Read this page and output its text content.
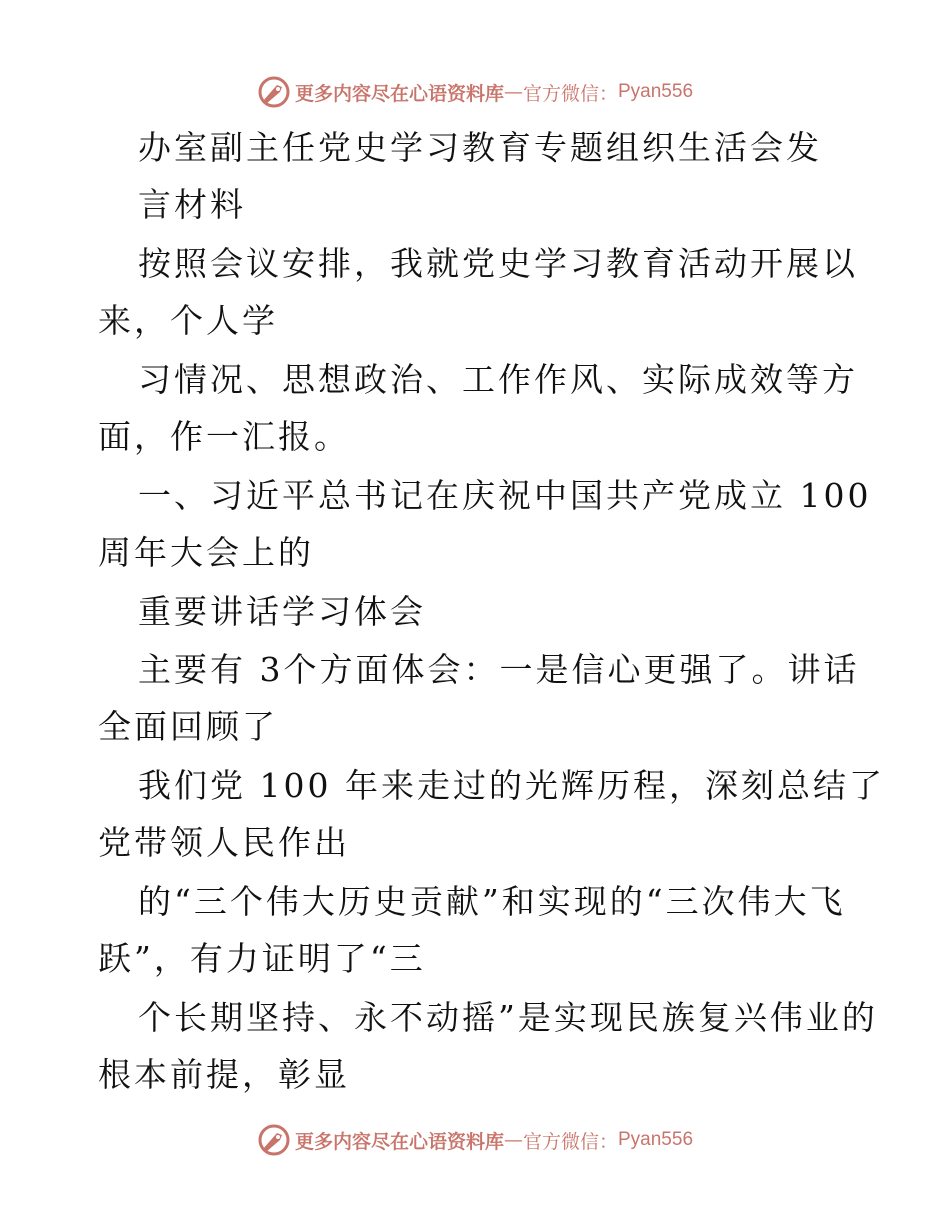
更多内容尽在心语资料库 — 官方微信： Pyan556
办室副主任党史学习教育专题组织生活会发
言材料
按照会议安排，我就党史学习教育活动开展以
来，个人学
习情况、思想政治、工作作风、实际成效等方
面，作一汇报。
一、习近平总书记在庆祝中国共产党成立 100
周年大会上的
重要讲话学习体会
主要有 3个方面体会：一是信心更强了。讲话
全面回顾了
我们党 100 年来走过的光辉历程，深刻总结了
党带领人民作出
的“三个伟大历史贡献”和实现的“三次伟大飞
跃”，有力证明了“三
个长期坚持、永不动摇”是实现民族复兴伟业的
根本前提，彰显
更多内容尽在心语资料库 — 官方微信： Pyan556
